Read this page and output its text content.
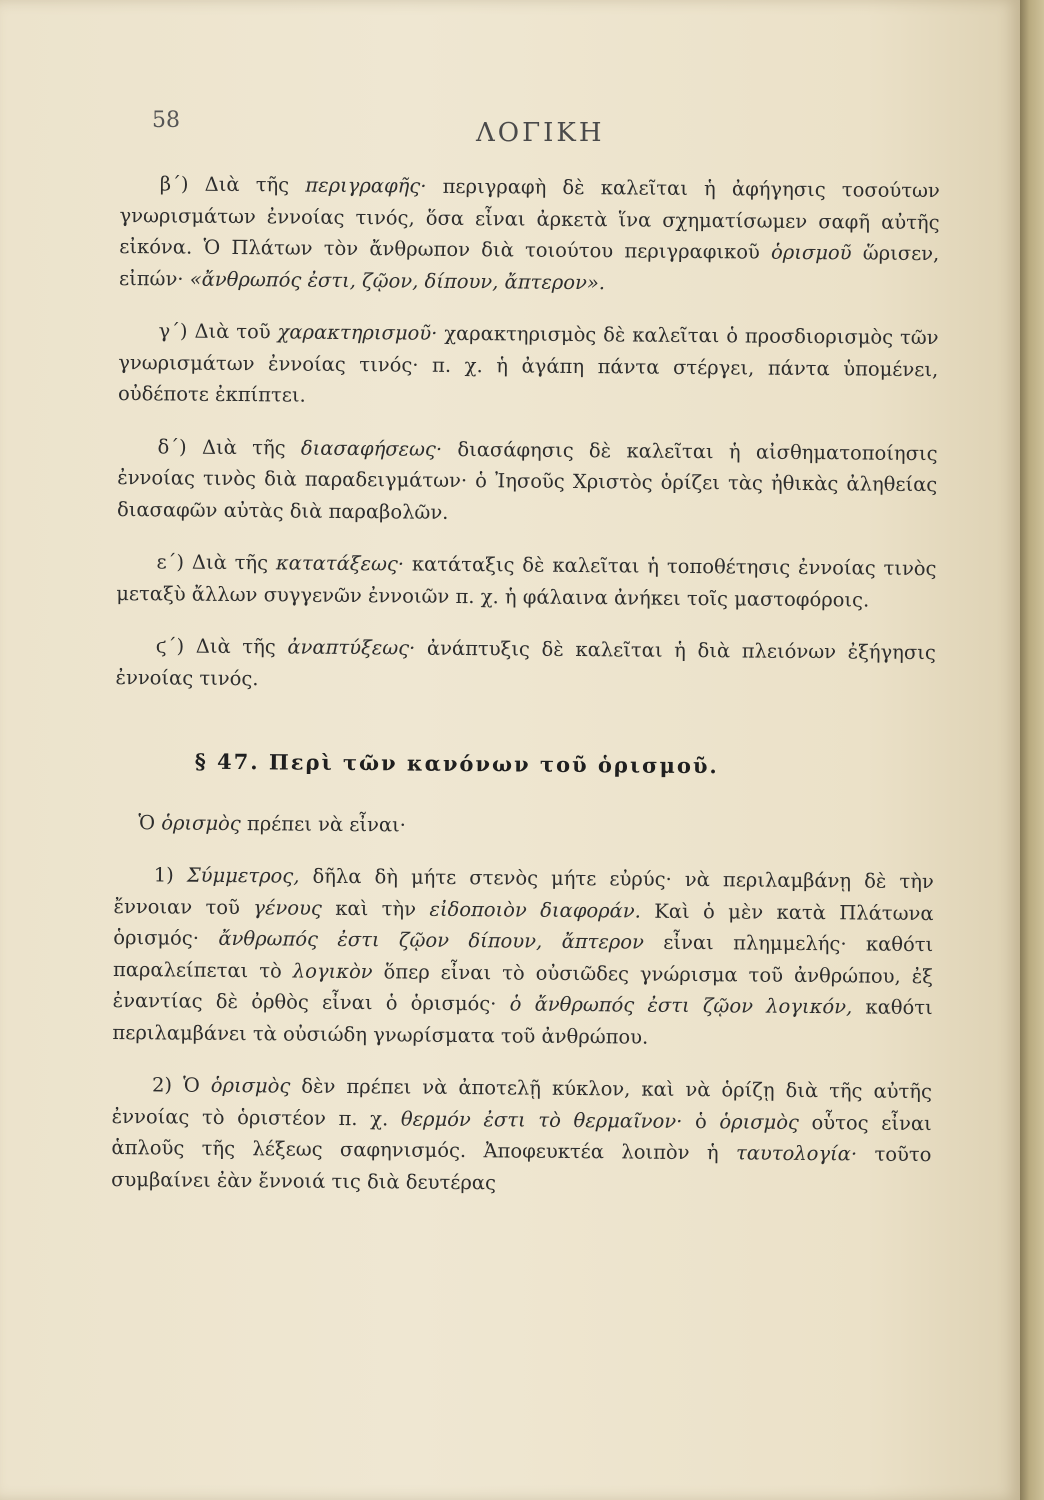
58	ΛΟΓΙΚΗ

β΄) Διὰ τῆς περιγραφῆς· περιγραφὴ δὲ καλεῖται ἡ ἀφήγησις τοσούτων γνωρισμάτων ἐννοίας τινός, ὅσα εἶναι ἀρκετὰ ἵνα σχηματίσωμεν σαφῆ αὐτῆς εἰκόνα. Ὁ Πλάτων τὸν ἄνθρωπον διὰ τοιούτου περιγραφικοῦ ὁρισμοῦ ὥρισεν, εἰπών· «ἄνθρωπός ἐστι, ζῷον, δίπουν, ἄπτερον».

γ΄) Διὰ τοῦ χαρακτηρισμοῦ· χαρακτηρισμὸς δὲ καλεῖται ὁ προσδιορισμὸς τῶν γνωρισμάτων ἐννοίας τινός· π. χ. ἡ ἀγάπη πάντα στέργει, πάντα ὑπομένει, οὐδέποτε ἐκπίπτει.

δ΄) Διὰ τῆς διασαφήσεως· διασάφησις δὲ καλεῖται ἡ αἰσθηματοποίησις ἐννοίας τινὸς διὰ παραδειγμάτων· ὁ Ἰησοῦς Χριστὸς ὁρίζει τὰς ἠθικὰς ἀληθείας διασαφῶν αὐτὰς διὰ παραβολῶν.

ε΄) Διὰ τῆς κατατάξεως· κατάταξις δὲ καλεῖται ἡ τοποθέτησις ἐννοίας τινὸς μεταξὺ ἄλλων συγγενῶν ἐννοιῶν π. χ. ἡ φάλαινα ἀνήκει τοῖς μαστοφόροις.

ϛ΄) Διὰ τῆς ἀναπτύξεως· ἀνάπτυξις δὲ καλεῖται ἡ διὰ πλειόνων ἐξήγησις ἐννοίας τινός.

§ 47. Περὶ τῶν κανόνων τοῦ ὁρισμοῦ.

Ὁ ὁρισμὸς πρέπει νὰ εἶναι·

1) Σύμμετρος, δῆλα δὴ μήτε στενὸς μήτε εὐρύς· νὰ περιλαμβάνῃ δὲ τὴν ἔννοιαν τοῦ γένους καὶ τὴν εἰδοποιὸν διαφοράν. Καὶ ὁ μὲν κατὰ Πλάτωνα ὁρισμός· ἄνθρωπός ἐστι ζῷον δίπουν, ἄπτερον εἶναι πλημμελής· καθότι παραλείπεται τὸ λογικὸν ὅπερ εἶναι τὸ οὐσιῶδες γνώρισμα τοῦ ἀνθρώπου, ἐξ ἐναντίας δὲ ὀρθὸς εἶναι ὁ ὁρισμός· ὁ ἄνθρωπός ἐστι ζῷον λογικόν, καθότι περιλαμβάνει τὰ οὐσιώδη γνωρίσματα τοῦ ἀνθρώπου.

2) Ὁ ὁρισμὸς δὲν πρέπει νὰ ἀποτελῇ κύκλον, καὶ νὰ ὁρίζῃ διὰ τῆς αὐτῆς ἐννοίας τὸ ὁριστέον π. χ. θερμόν ἐστι τὸ θερμαῖνον· ὁ ὁρισμὸς οὗτος εἶναι ἁπλοῦς τῆς λέξεως σαφηνισμός. Ἀποφευκτέα λοιπὸν ἡ ταυτολογία· τοῦτο συμβαίνει ἐὰν ἔννοιά τις διὰ δευτέρας
